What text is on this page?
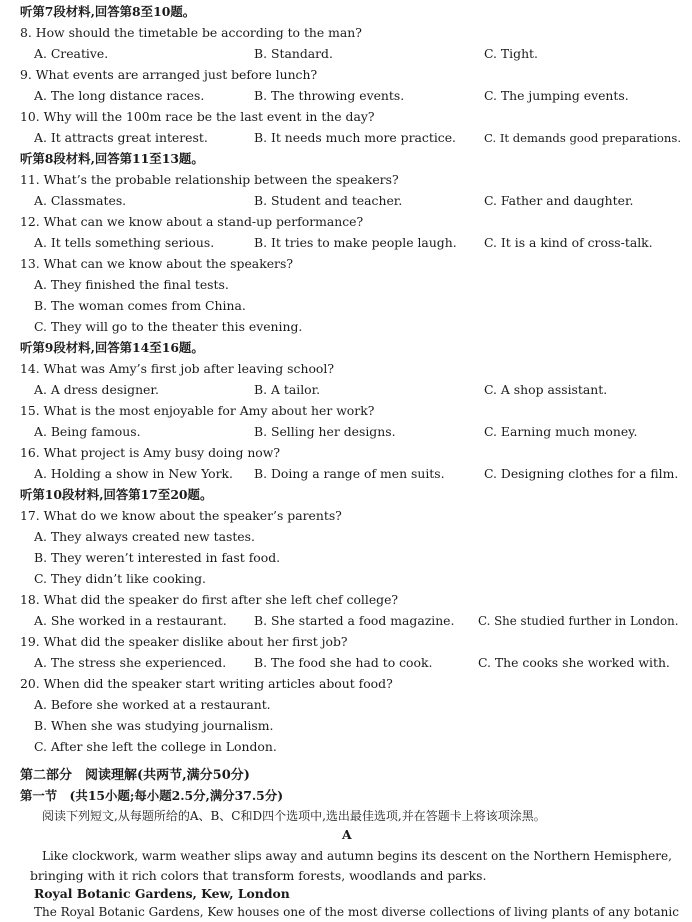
听第7段材料,回答第8至10题。
8. How should the timetable be according to the man?
A. Creative.	B. Standard.	C. Tight.
9. What events are arranged just before lunch?
A. The long distance races.	B. The throwing events.	C. The jumping events.
10. Why will the 100m race be the last event in the day?
A. It attracts great interest.	B. It needs much more practice. C. It demands good preparations.
听第8段材料,回答第11至13题。
11. What’s the probable relationship between the speakers?
A. Classmates.	B. Student and teacher.	C. Father and daughter.
12. What can we know about a stand-up performance?
A. It tells something serious.	B. It tries to make people laugh. C. It is a kind of cross-talk.
13. What can we know about the speakers?
A. They finished the final tests.
B. The woman comes from China.
C. They will go to the theater this evening.
听第9段材料,回答第14至16题。
14. What was Amy’s first job after leaving school?
A. A dress designer.	B. A tailor.	C. A shop assistant.
15. What is the most enjoyable for Amy about her work?
A. Being famous.	B. Selling her designs.	C. Earning much money.
16. What project is Amy busy doing now?
A. Holding a show in New York. B. Doing a range of men suits.	C. Designing clothes for a film.
听第10段材料,回答第17至20题。
17. What do we know about the speaker’s parents?
A. They always created new tastes.
B. They weren’t interested in fast food.
C. They didn’t like cooking.
18. What did the speaker do first after she left chef college?
A. She worked in a restaurant. B. She started a food magazine. C. She studied further in London.
19. What did the speaker dislike about her first job?
A. The stress she experienced. B. The food she had to cook.	C. The cooks she worked with.
20. When did the speaker start writing articles about food?
A. Before she worked at a restaurant.
B. When she was studying journalism.
C. After she left the college in London.
第二部分　阅读理解(共两节,满分50分)
第一节　(共15小题;每小题2.5分,满分37.5分)
阅读下列短文,从每题所给的A、B、C和D四个选项中,选出最佳选项,并在答题卡上将该项涂黑。
A
Like clockwork, warm weather slips away and autumn begins its descent on the Northern Hemisphere,
bringing with it rich colors that transform forests, woodlands and parks.
Royal Botanic Gardens, Kew, London
The Royal Botanic Gardens, Kew houses one of the most diverse collections of living plants of any botanic
